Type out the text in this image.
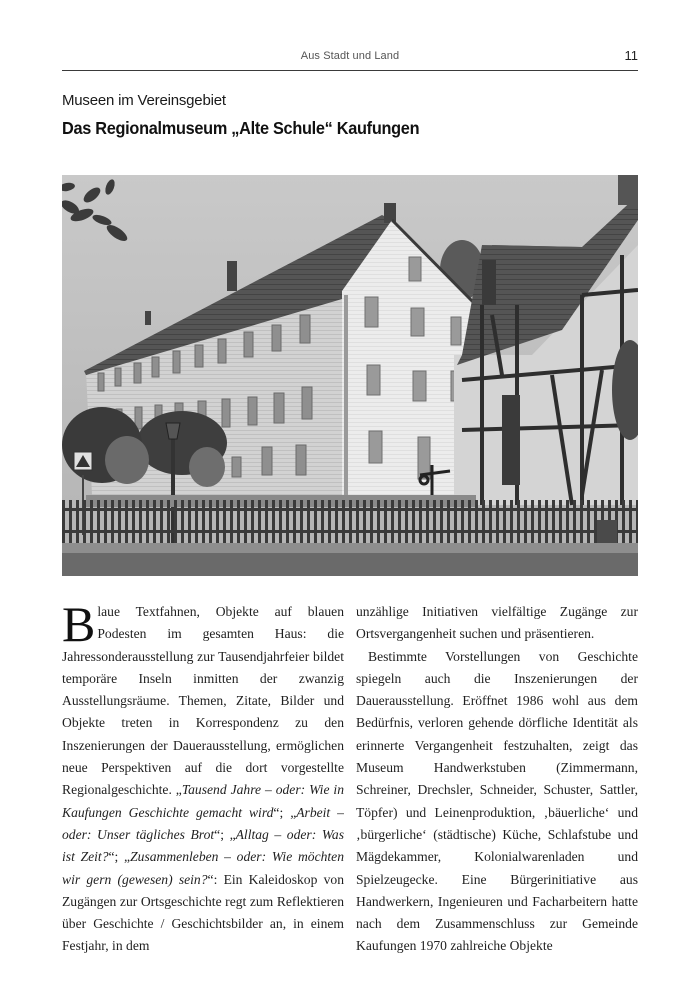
Aus Stadt und Land	11
Museen im Vereinsgebiet
Das Regionalmuseum „Alte Schule“ Kaufungen

Blaue Textfahnen, Objekte auf blauen Podesten im gesamten Haus: die Jahressonderausstellung zur Tausendjahrfeier bildet temporäre Inseln inmitten der zwanzig Ausstellungsräume. Themen, Zitate, Bilder und Objekte treten in Korrespondenz zu den Inszenierungen der Dauerausstellung, ermöglichen neue Perspektiven auf die dort vorgestellte Regionalgeschichte. „Tausend Jahre – oder: Wie in Kaufungen Geschichte gemacht wird“; „Arbeit – oder: Unser tägliches Brot“; „Alltag – oder: Was ist Zeit?“; „Zusammenleben – oder: Wie möchten wir gern (gewesen) sein?“: Ein Kaleidoskop von Zugängen zur Ortsgeschichte regt zum Reflektieren über Geschichte / Geschichtsbilder an, in einem Festjahr, in dem

unzählige Initiativen vielfältige Zugänge zur Ortsvergangenheit suchen und präsentieren.

Bestimmte Vorstellungen von Geschichte spiegeln auch die Inszenierungen der Dauerausstellung. Eröffnet 1986 wohl aus dem Bedürfnis, verloren gehende dörfliche Identität als erinnerte Vergangenheit festzuhalten, zeigt das Museum Handwerkstuben (Zimmermann, Schreiner, Drechsler, Schneider, Schuster, Sattler, Töpfer) und Leinenproduktion, ‚bäuerliche‘ und ‚bürgerliche‘ (städtische) Küche, Schlafstube und Mägdekammer, Kolonialwarenladen und Spielzeugecke. Eine Bürgerinitiative aus Handwerkern, Ingenieuren und Facharbeitern hatte nach dem Zusammenschluss zur Gemeinde Kaufungen 1970 zahlreiche Objekte
